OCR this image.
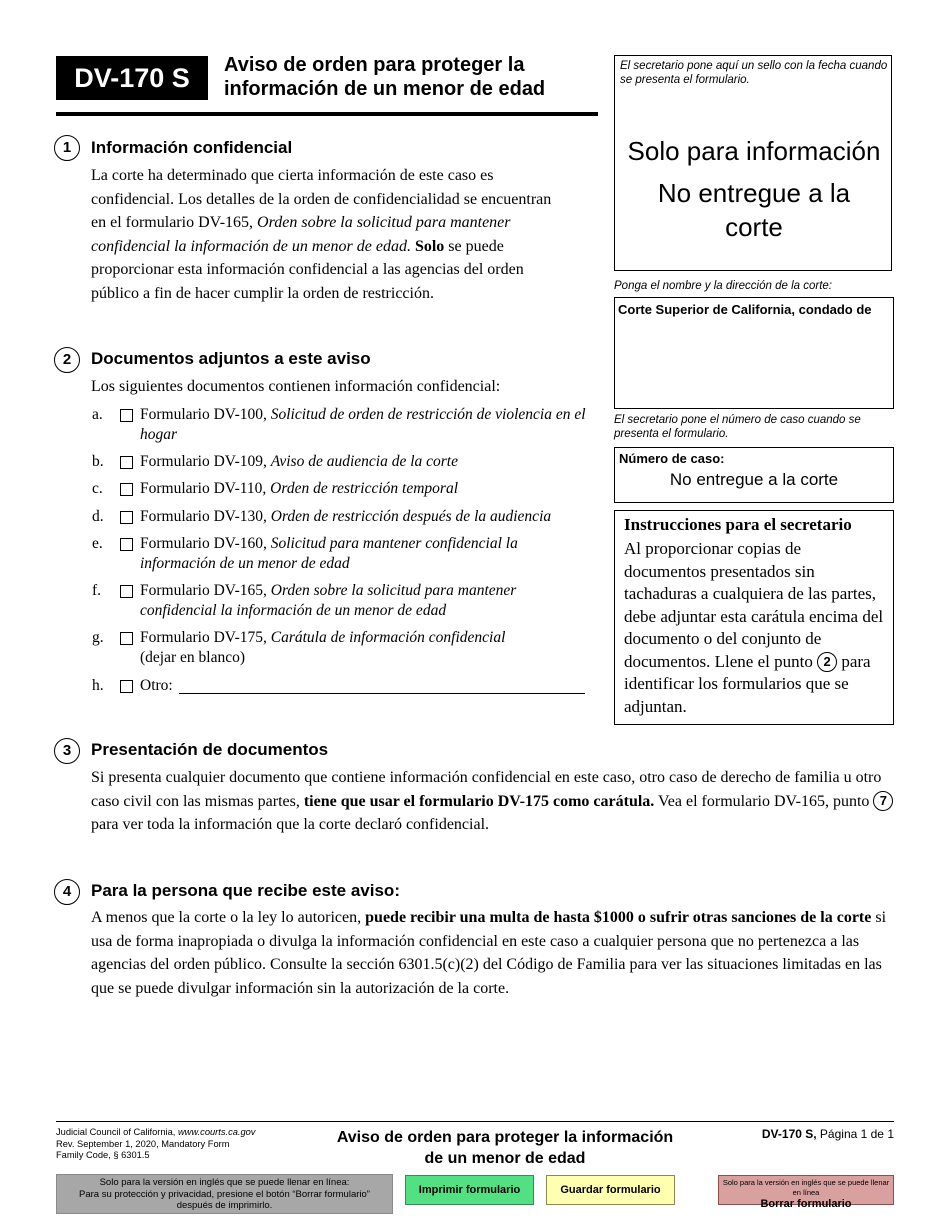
DV-170 S	Aviso de orden para proteger la
información de un menor de edad
El secretario pone aquí un sello con la fecha cuando se presenta el formulario.
Solo para información
No entregue a la
corte
Ponga el nombre y la dirección de la corte:
Corte Superior de California, condado de
El secretario pone el número de caso cuando se presenta el formulario.
Número de caso:
No entregue a la corte
Instrucciones para el secretario
Al proporcionar copias de documentos presentados sin tachaduras a cualquiera de las partes, debe adjuntar esta carátula encima del documento o del conjunto de documentos. Llene el punto 2 para identificar los formularios que se adjuntan.
1	Información confidencial
La corte ha determinado que cierta información de este caso es confidencial. Los detalles de la orden de confidencialidad se encuentran en el formulario DV-165, Orden sobre la solicitud para mantener confidencial la información de un menor de edad. Solo se puede proporcionar esta información confidencial a las agencias del orden público a fin de hacer cumplir la orden de restricción.
2	Documentos adjuntos a este aviso
Los siguientes documentos contienen información confidencial:
a. Formulario DV-100, Solicitud de orden de restricción de violencia en el hogar
b. Formulario DV-109, Aviso de audiencia de la corte
c. Formulario DV-110, Orden de restricción temporal
d. Formulario DV-130, Orden de restricción después de la audiencia
e. Formulario DV-160, Solicitud para mantener confidencial la información de un menor de edad
f.	Formulario DV-165, Orden sobre la solicitud para mantener confidencial la información de un menor de edad
g. Formulario DV-175, Carátula de información confidencial
(dejar en blanco)
h. Otro:
3	Presentación de documentos
Si presenta cualquier documento que contiene información confidencial en este caso, otro caso de derecho de familia u otro caso civil con las mismas partes, tiene que usar el formulario DV-175 como carátula. Vea el formulario DV-165, punto 7 para ver toda la información que la corte declaró confidencial.
4	Para la persona que recibe este aviso:
A menos que la corte o la ley lo autoricen, puede recibir una multa de hasta $1000 o sufrir otras sanciones de la corte si usa de forma inapropiada o divulga la información confidencial en este caso a cualquier persona que no pertenezca a las agencias del orden público. Consulte la sección 6301.5(c)(2) del Código de Familia para ver las situaciones limitadas en las que se puede divulgar información sin la autorización de la corte.
Judicial Council of California, www.courts.ca.gov
Rev. September 1, 2020, Mandatory Form
Family Code, § 6301.5
Aviso de orden para proteger la información
de un menor de edad
DV-170 S, Página 1 de 1
Solo para la versión en inglés que se puede llenar en línea:
Para su protección y privacidad, presione el botón “Borrar formulario”
después de imprimirlo.
Imprimir formulario	Guardar formulario
Solo para la versión en inglés que se puede llenar en línea
Borrar formulario
